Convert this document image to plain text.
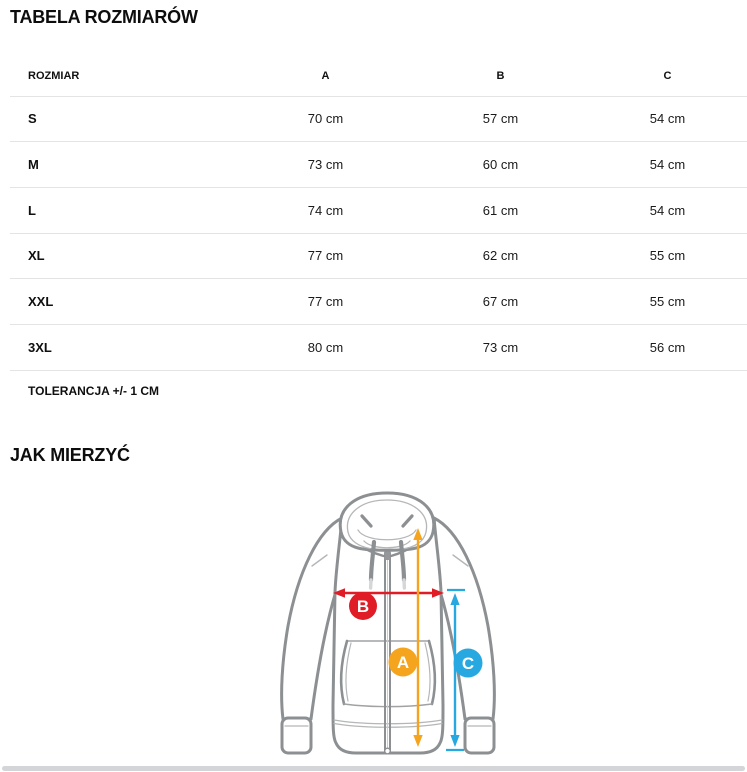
TABELA ROZMIARÓW
ROZMIAR	A	B	C
S	70 cm	57 cm	54 cm
M	73 cm	60 cm	54 cm
L	74 cm	61 cm	54 cm
XL	77 cm	62 cm	55 cm
XXL	77 cm	67 cm	55 cm
3XL	80 cm	73 cm	56 cm
TOLERANCJA +/- 1 CM
JAK MIERZYĆ
B
A	C
